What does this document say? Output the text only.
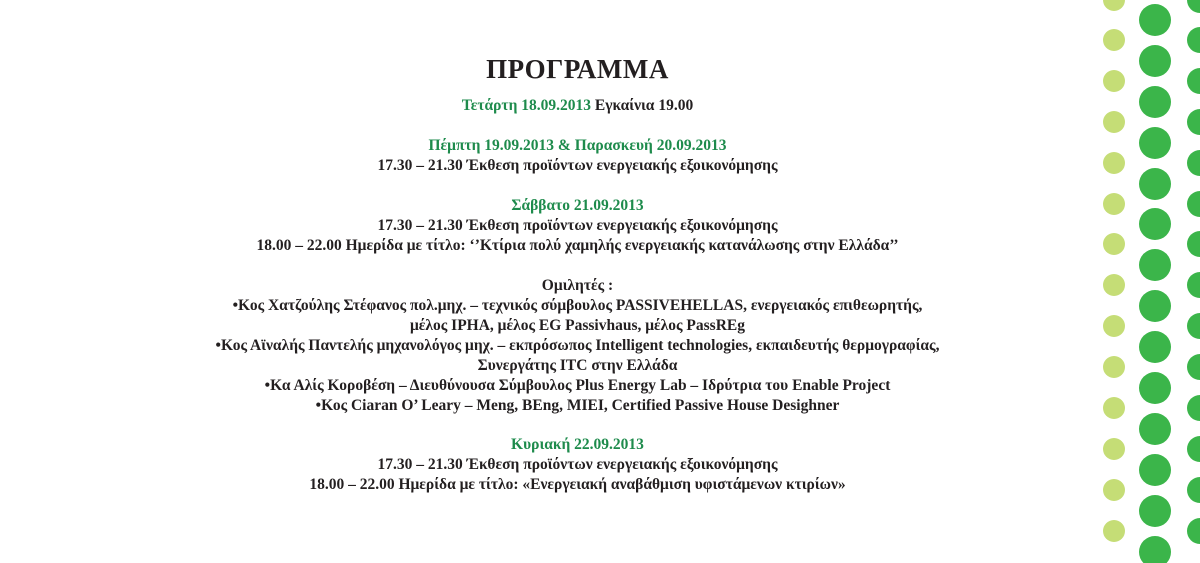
ΠΡΟΓΡΑΜΜΑ
Τετάρτη 18.09.2013 Εγκαίνια 19.00
Πέμπτη 19.09.2013 & Παρασκευή 20.09.2013
17.30 – 21.30 Έκθεση προϊόντων ενεργειακής εξοικονόμησης
Σάββατο 21.09.2013
17.30 – 21.30 Έκθεση προϊόντων ενεργειακής εξοικονόμησης
18.00 – 22.00 Ημερίδα με τίτλο: ‘’Κτίρια πολύ χαμηλής ενεργειακής κατανάλωσης στην Ελλάδα’’
Ομιλητές :
•Κος Χατζούλης Στέφανος πολ.μηχ. – τεχνικός σύμβουλος PASSIVEHELLAS, ενεργειακός επιθεωρητής,
μέλος IPHA, μέλος EG Passivhaus, μέλος PassREg
•Κος Αϊναλής Παντελής μηχανολόγος μηχ. – εκπρόσωπος Intelligent technologies, εκπαιδευτής θερμογραφίας,
Συνεργάτης ITC στην Ελλάδα
•Κα Αλίς Κοροβέση – Διευθύνουσα Σύμβουλος Plus Energy Lab – Ιδρύτρια του Enable Project
•Κος Ciaran O’ Leary – Meng, BEng, MIEI, Certified Passive House Desighner
Κυριακή 22.09.2013
17.30 – 21.30 Έκθεση προϊόντων ενεργειακής εξοικονόμησης
18.00 – 22.00 Ημερίδα με τίτλο: «Ενεργειακή αναβάθμιση υφιστάμενων κτιρίων»
